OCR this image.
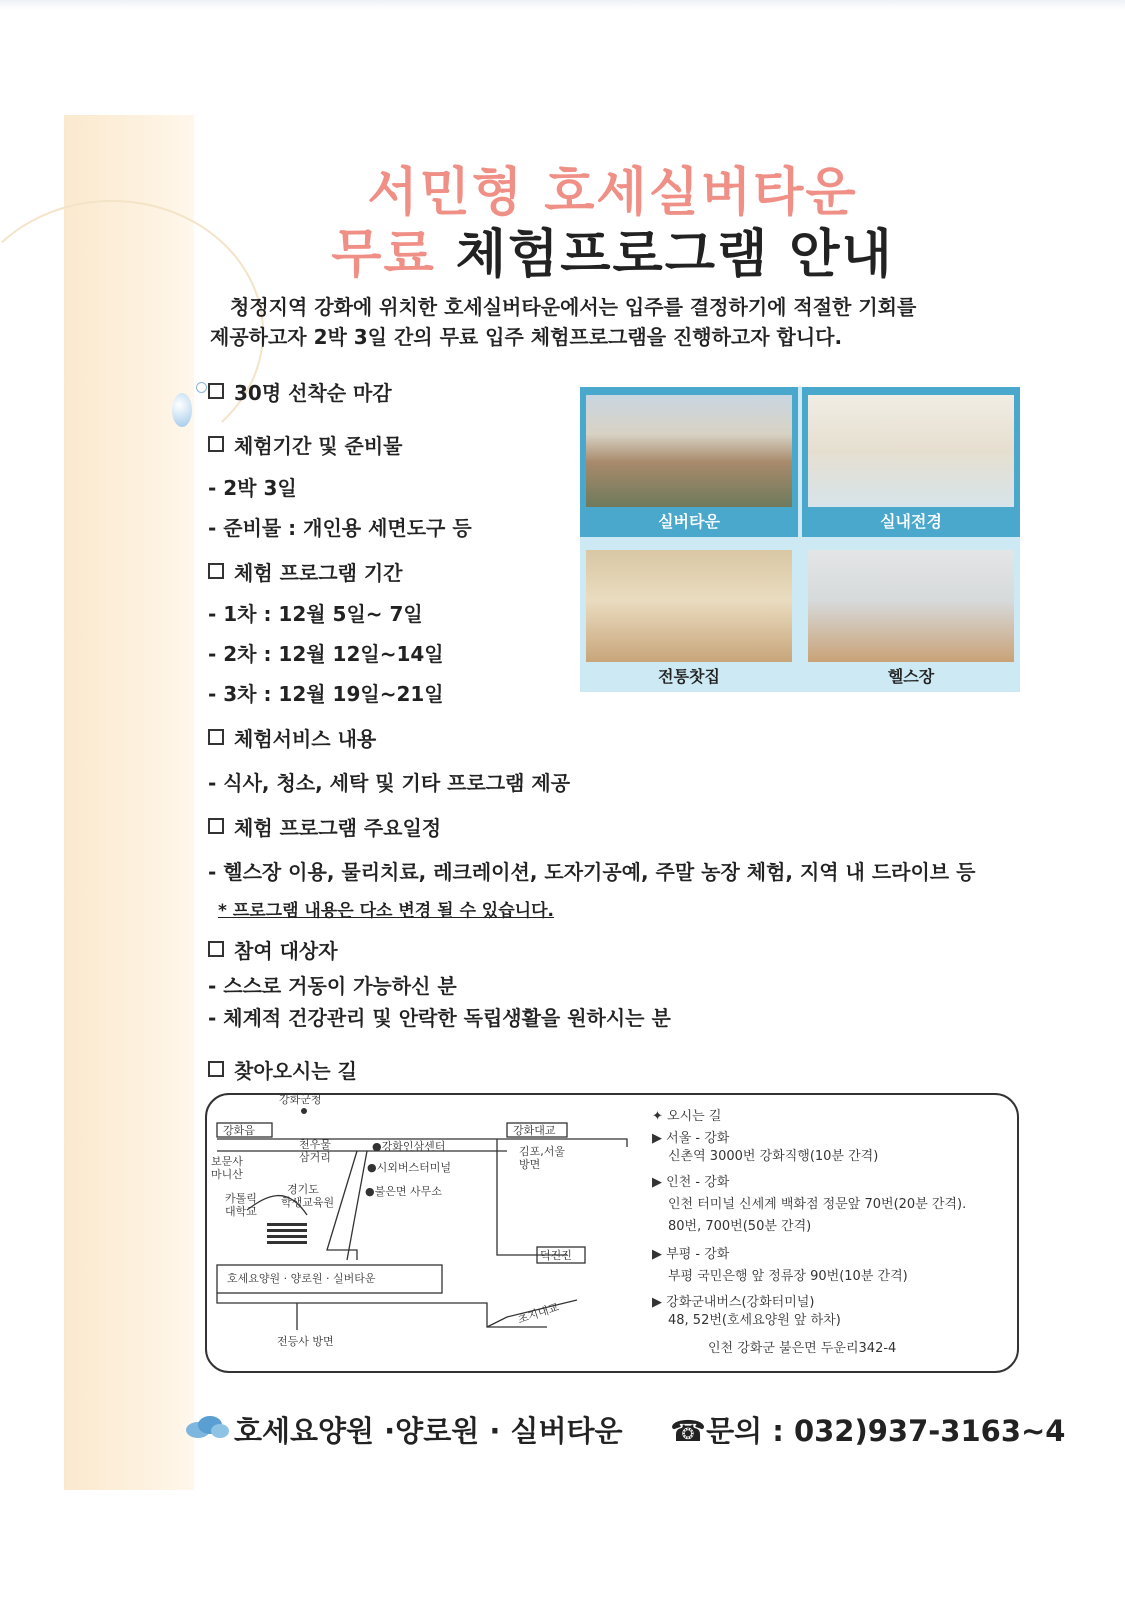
서민형 호세실버타운
무료 체험프로그램 안내

청정지역 강화에 위치한 호세실버타운에서는 입주를 결정하기에 적절한 기회를

제공하고자 2박 3일 간의 무료 입주 체험프로그램을 진행하고자 합니다.

30명 선착순 마감
체험기간 및 준비물
- 2박 3일
- 준비물 : 개인용 세면도구 등
체험 프로그램 기간
- 1차 : 12월 5일~ 7일
- 2차 : 12월 12일~14일
- 3차 : 12월 19일~21일
체험서비스 내용
- 식사, 청소, 세탁 및 기타 프로그램 제공
체험 프로그램 주요일정
- 헬스장 이용, 물리치료, 레크레이션, 도자기공예, 주말 농장 체험, 지역 내 드라이브 등
* 프로그램 내용은 다소 변경 될 수 있습니다.
참여 대상자
- 스스로 거동이 가능하신 분
- 체계적 건강관리 및 안락한 독립생활을 원하시는 분
찾아오시는 길
실버타운	실내전경
전통찻집	헬스장
강화군청
강화읍
천우물
삼거리
●강화인삼센터
●시외버스터미널
●불은면 사무소
강화대교
김포,서울
방면
보문사
마니산
카톨릭
대학교
경기도
학생교육원
호세요양원 · 양로원 · 실버타운
덕진진
초지대교
전등사 방면
✦ 오시는 길
▶ 서울 - 강화
신촌역 3000번 강화직행(10분 간격)
▶ 인천 - 강화
인천 터미널 신세계 백화점 정문앞 70번(20분 간격).
80번, 700번(50분 간격)
▶ 부평 - 강화
부평 국민은행 앞 정류장 90번(10분 간격)
▶ 강화군내버스(강화터미널)
48, 52번(호세요양원 앞 하차)
인천 강화군 불은면 두운리342-4
호세요양원 ·양로원 · 실버타운 ☎문의 : 032)937-3163~4
